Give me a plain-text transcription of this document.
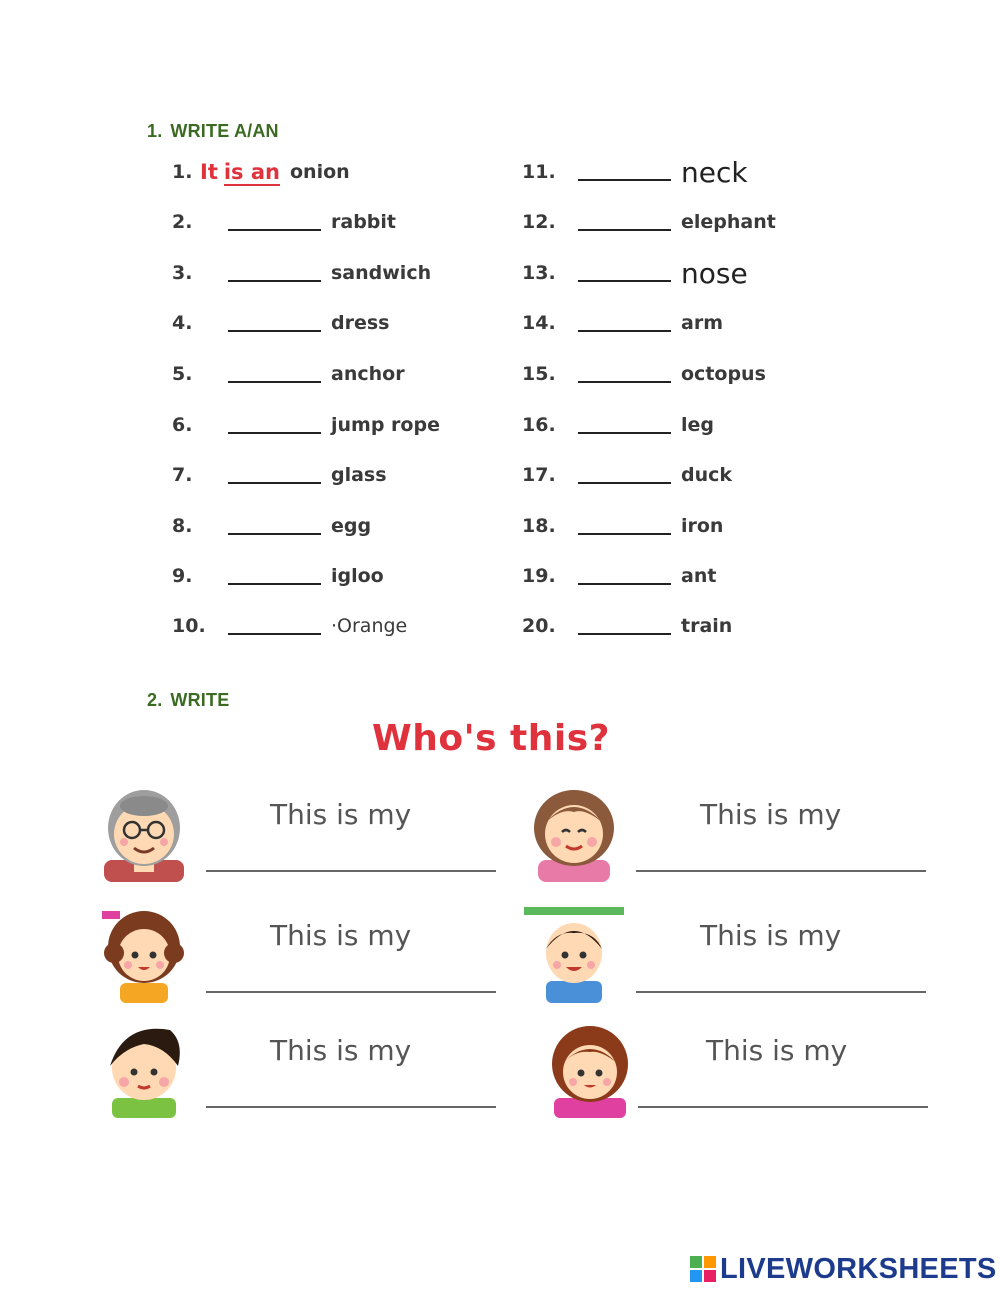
1. WRITE A/AN
1. It is an onion
2.	rabbit
3.	sandwich
4.	dress
5.	anchor
6.	jump rope
7.	glass
8.	egg
9.	igloo
10.	·Orange
11.	neck
12.	elephant
13.	nose
14.	arm
15.	octopus
16.	leg
17.	duck
18.	iron
19.	ant
20.	train
2. WRITE
Who's this?
This is my	This is my
This is my	This is my
This is my	This is my
LIVEWORKSHEETS
